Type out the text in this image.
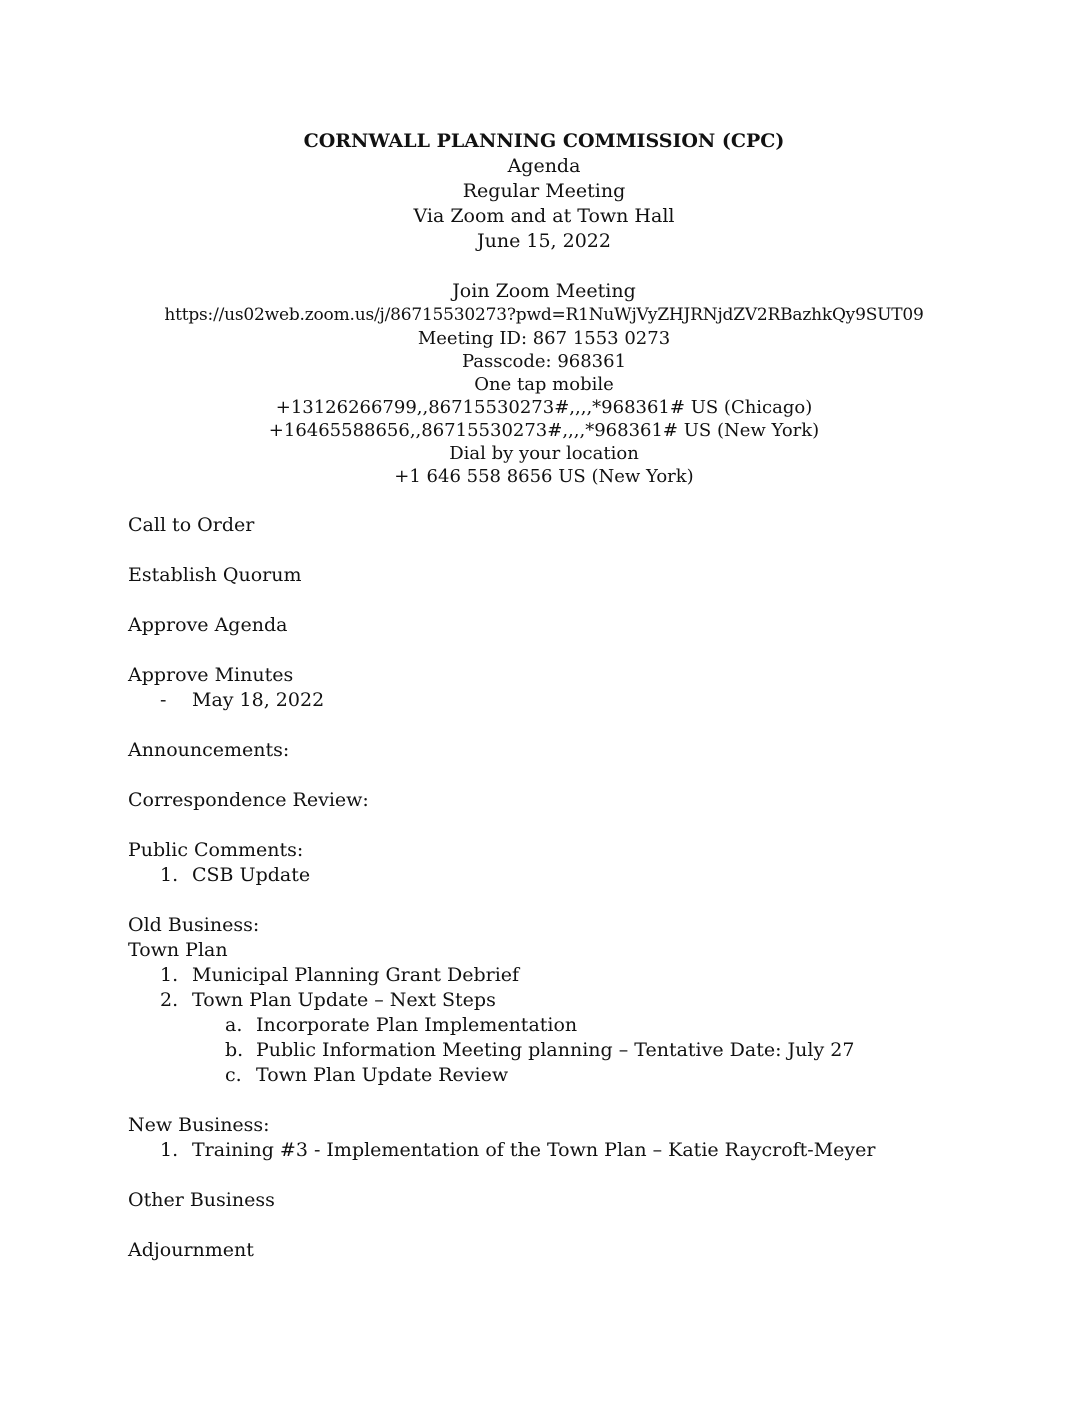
CORNWALL PLANNING COMMISSION (CPC)
Agenda
Regular Meeting
Via Zoom and at Town Hall
June 15, 2022
Join Zoom Meeting
https://us02web.zoom.us/j/86715530273?pwd=R1NuWjVyZHJRNjdZV2RBazhkQy9SUT09
Meeting ID: 867 1553 0273
Passcode: 968361
One tap mobile
+13126266799,,86715530273#,,,,*968361# US (Chicago)
+16465588656,,86715530273#,,,,*968361# US (New York)
Dial by your location
+1 646 558 8656 US (New York)
Call to Order
Establish Quorum
Approve Agenda
Approve Minutes
- May 18, 2022
Announcements:
Correspondence Review:
Public Comments:
1. CSB Update
Old Business:
Town Plan
1. Municipal Planning Grant Debrief
2. Town Plan Update – Next Steps
a. Incorporate Plan Implementation
b. Public Information Meeting planning – Tentative Date: July 27
c. Town Plan Update Review
New Business:
1. Training #3 - Implementation of the Town Plan – Katie Raycroft-Meyer
Other Business
Adjournment
